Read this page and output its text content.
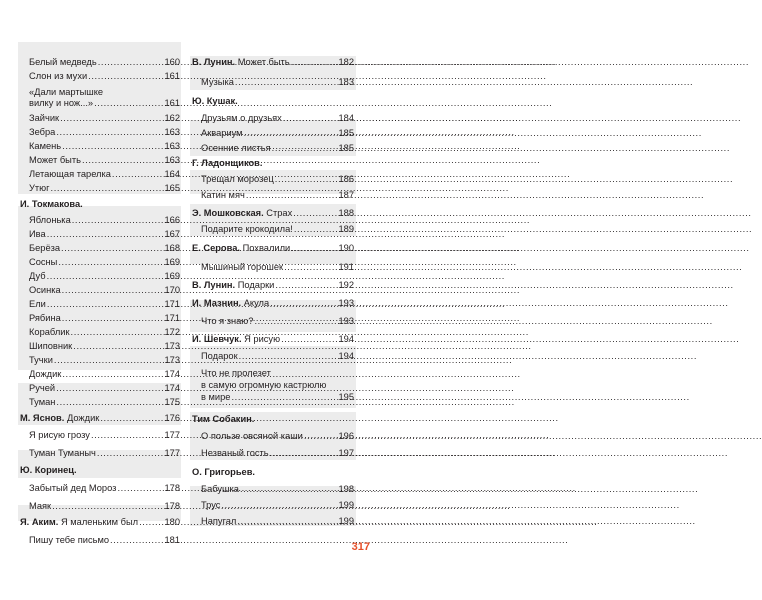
Белый медведь .....	160
Слон из мухи .....	161
«Дали мартышке
вилку и нож...» .....	161
Зайчик .....	162
Зебра .....	163
Камень .....	163
Может быть .....	163
Летающая тарелка .....	164
Утюг .....	165
И. Токмакова.
Яблонька .....	166
Ива .....	167
Берёза .....	168
Сосны .....	169
Дуб .....	169
Осинка .....	170
Ели .....	171
Рябина .....	171
Кораблик .....	172
Шиповник .....	173
Тучки .....	173
Дождик .....	174
Ручей .....	174
Туман .....	175
М. Яснов. Дождик .....	176
Я рисую грозу .....	177
Туман Туманыч .....	177
Ю. Коринец.
Забытый дед Мороз .....	178
Маяк .....	178
Я. Аким. Я маленьким был .....	180
Пишу тебе письмо .....	181
В. Лунин. Может быть .....	182
Музыка .....	183
Ю. Кушак.
Друзьям о друзьях .....	184
Аквариум .....	185
Осенние листья .....	185
Г. Ладонщиков.
Трещал морозец .....	186
Катин мяч .....	187
Э. Мошковская. Страх .....	188
Подарите крокодила! .....	189
Е. Серова. Похвалили .....	190
Мышиный горошек .....	191
В. Лунин. Подарки .....	192
И. Мазнин. Акула .....	193
Что я знаю? .....	193
И. Шевчук. Я рисую .....	194
Подарок .....	194
Что не пролезет
в самую огромную кастрюлю
в мире .....	195
Тим Собакин.
О пользе овсяной каши .....	196
Незваный гость .....	197
О. Григорьев.
Бабушка .....	198
Трус .....	199
Напугал .....	199
317
